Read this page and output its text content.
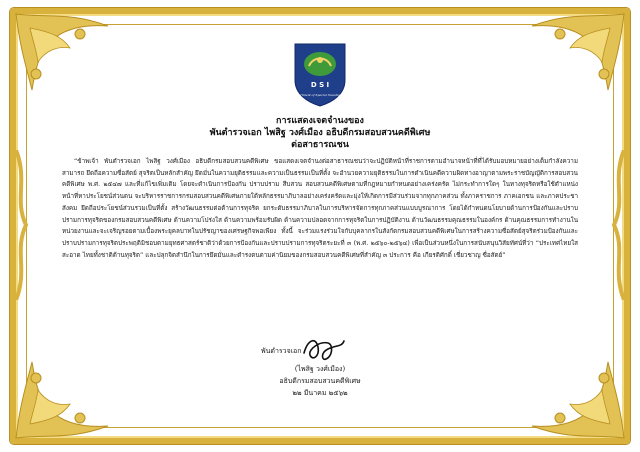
D S I
Department of Special Investigation
การแสดงเจตจำนงของ
พันตำรวจเอก ไพสิฐ วงศ์เมือง อธิบดีกรมสอบสวนคดีพิเศษ
ต่อสาธารณชน
“ข้าพเจ้า พันตำรวจเอก ไพสิฐ วงศ์เมือง อธิบดีกรมสอบสวนคดีพิเศษ ขอแสดงเจตจำนงต่อสาธารณชนว่าจะปฏิบัติหน้าที่ราชการตามอำนาจหน้าที่ที่ได้รับมอบหมายอย่างเต็มกำลังความสามารถ ยึดถือความซื่อสัตย์ สุจริตเป็นหลักสำคัญ ยึดมั่นในความยุติธรรมและความเป็นธรรมเป็นที่ตั้ง จะอำนวยความยุติธรรมในการดำเนินคดีความผิดทางอาญาตามพระราชบัญญัติการสอบสวนคดีพิเศษ พ.ศ. ๒๕๔๗ และที่แก้ไขเพิ่มเติม โดยจะดำเนินการป้องกัน ปราบปราม สืบสวน สอบสวนคดีพิเศษตามที่กฎหมายกำหนดอย่างเคร่งครัด ไม่กระทำการใดๆ ในทางทุจริตหรือใช้ตำแหน่งหน้าที่หาประโยชน์ส่วนตน จะบริหารราชการกรมสอบสวนคดีพิเศษภายใต้หลักธรรมาภิบาลอย่างเคร่งครัดและมุ่งให้เกิดการมีส่วนร่วมจากทุกภาคส่วน ทั้งภาคราชการ ภาคเอกชน และภาคประชาสังคม ยึดถือประโยชน์ส่วนรวมเป็นที่ตั้ง สร้างวัฒนธรรมต่อต้านการทุจริต ยกระดับธรรมาภิบาลในการบริหารจัดการทุกภาคส่วนแบบบูรณาการ โดยได้กำหนดนโยบายด้านการป้องกันและปราบปรามการทุจริตของกรมสอบสวนคดีพิเศษ ด้านความโปร่งใส ด้านความพร้อมรับผิด ด้านความปลอดจากการทุจริตในการปฏิบัติงาน ด้านวัฒนธรรมคุณธรรมในองค์กร ด้านคุณธรรมการทำงานในหน่วยงานและจะเจริญรอยตามเบื้องพระยุคลบาทในปรัชญาของเศรษฐกิจพอเพียง ทั้งนี้ จะร่วมแรงร่วมใจกับบุคลากรในสังกัดกรมสอบสวนคดีพิเศษในการสร้างความซื่อสัตย์สุจริตร่วมป้องกันและปราบปรามการทุจริตประพฤติมิชอบตามยุทธศาสตร์ชาติว่าด้วยการป้องกันและปราบปรามการทุจริตระยะที่ ๓ (พ.ศ. ๒๕๖๐-๒๕๖๔) เพื่อเป็นส่วนหนึ่งในการสนับสนุนวิสัยทัศน์ที่ว่า “ประเทศไทยใสสะอาด ไทยทั้งชาติต้านทุจริต” และปลุกจิตสำนึกในการยึดมั่นและดำรงตนตามค่านิยมของกรมสอบสวนคดีพิเศษที่สำคัญ ๓ ประการ คือ เกียรติศักดิ์ เชี่ยวชาญ ซื่อสัตย์”
พันตำรวจเอก
(ไพสิฐ วงศ์เมือง)
อธิบดีกรมสอบสวนคดีพิเศษ
๒๒ มีนาคม ๒๕๖๒
